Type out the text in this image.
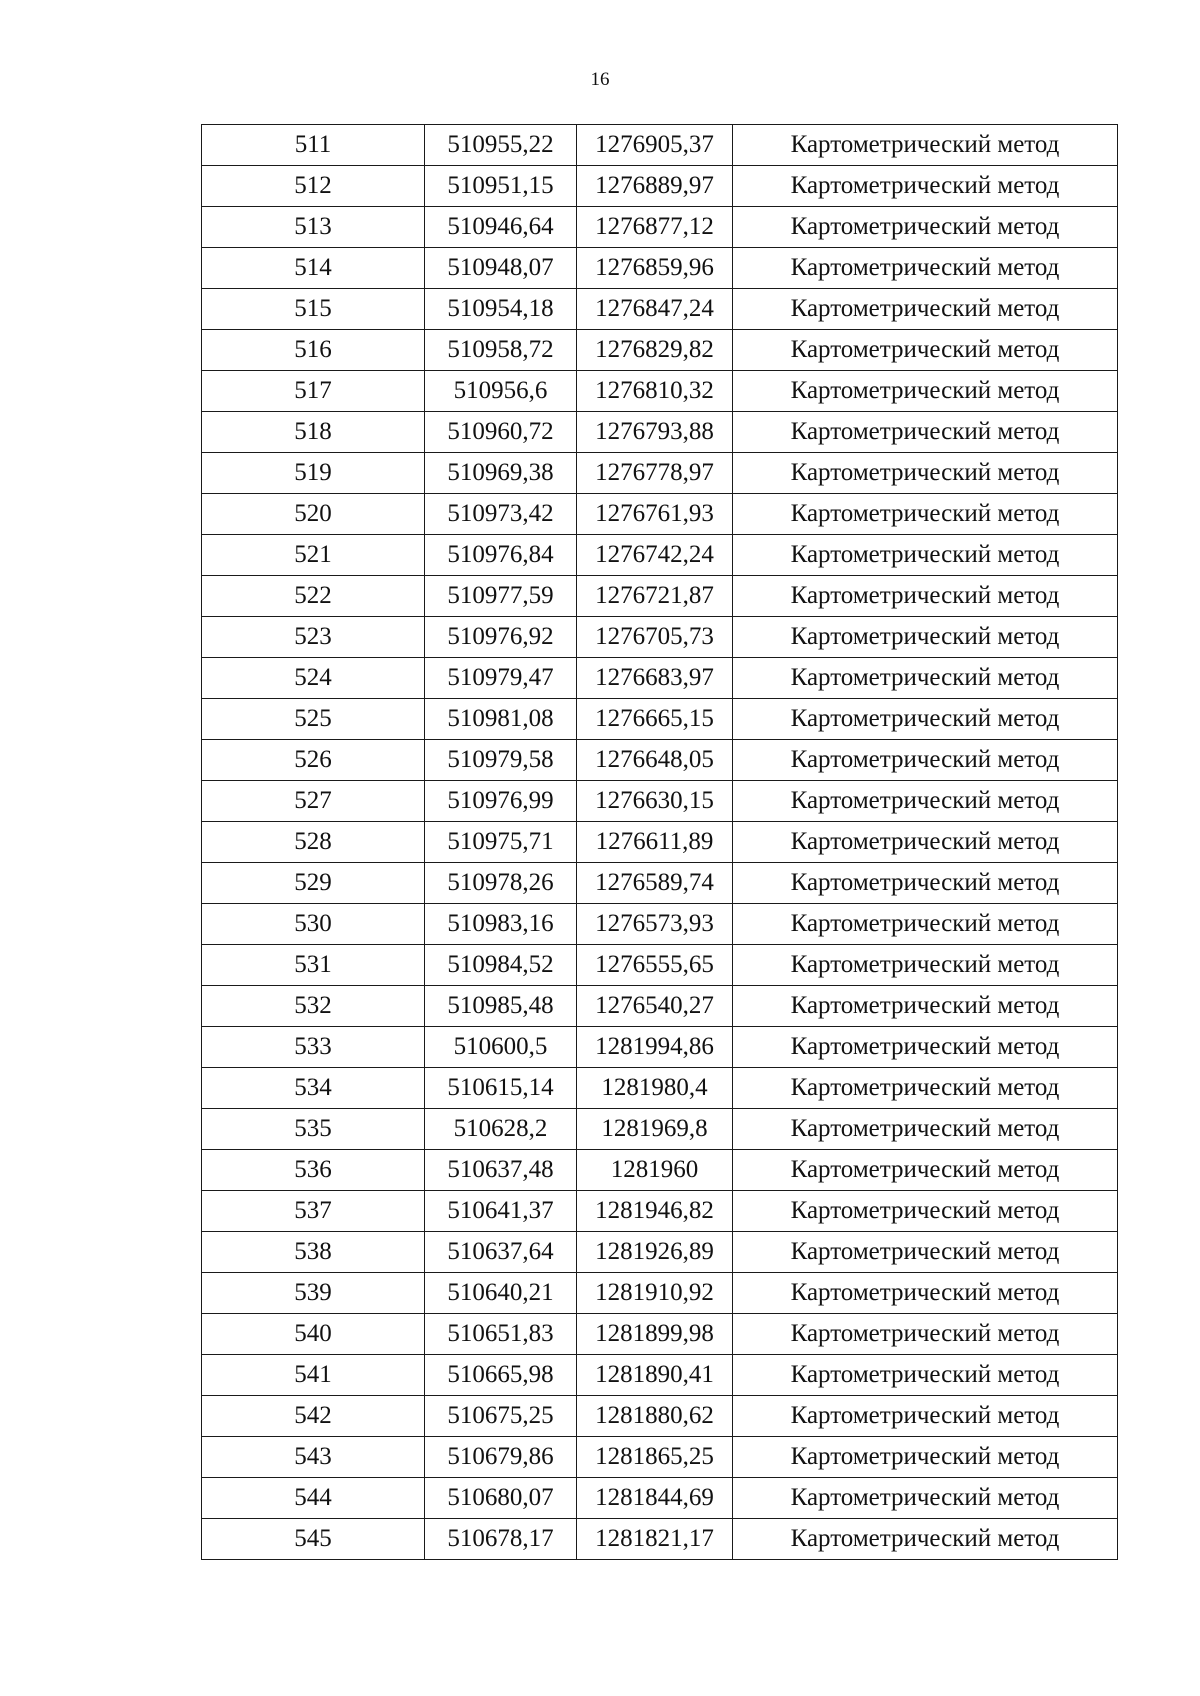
16
511	510955,22	1276905,37	Картометрический метод
512	510951,15	1276889,97	Картометрический метод
513	510946,64	1276877,12	Картометрический метод
514	510948,07	1276859,96	Картометрический метод
515	510954,18	1276847,24	Картометрический метод
516	510958,72	1276829,82	Картометрический метод
517	510956,6	1276810,32	Картометрический метод
518	510960,72	1276793,88	Картометрический метод
519	510969,38	1276778,97	Картометрический метод
520	510973,42	1276761,93	Картометрический метод
521	510976,84	1276742,24	Картометрический метод
522	510977,59	1276721,87	Картометрический метод
523	510976,92	1276705,73	Картометрический метод
524	510979,47	1276683,97	Картометрический метод
525	510981,08	1276665,15	Картометрический метод
526	510979,58	1276648,05	Картометрический метод
527	510976,99	1276630,15	Картометрический метод
528	510975,71	1276611,89	Картометрический метод
529	510978,26	1276589,74	Картометрический метод
530	510983,16	1276573,93	Картометрический метод
531	510984,52	1276555,65	Картометрический метод
532	510985,48	1276540,27	Картометрический метод
533	510600,5	1281994,86	Картометрический метод
534	510615,14	1281980,4	Картометрический метод
535	510628,2	1281969,8	Картометрический метод
536	510637,48	1281960	Картометрический метод
537	510641,37	1281946,82	Картометрический метод
538	510637,64	1281926,89	Картометрический метод
539	510640,21	1281910,92	Картометрический метод
540	510651,83	1281899,98	Картометрический метод
541	510665,98	1281890,41	Картометрический метод
542	510675,25	1281880,62	Картометрический метод
543	510679,86	1281865,25	Картометрический метод
544	510680,07	1281844,69	Картометрический метод
545	510678,17	1281821,17	Картометрический метод
